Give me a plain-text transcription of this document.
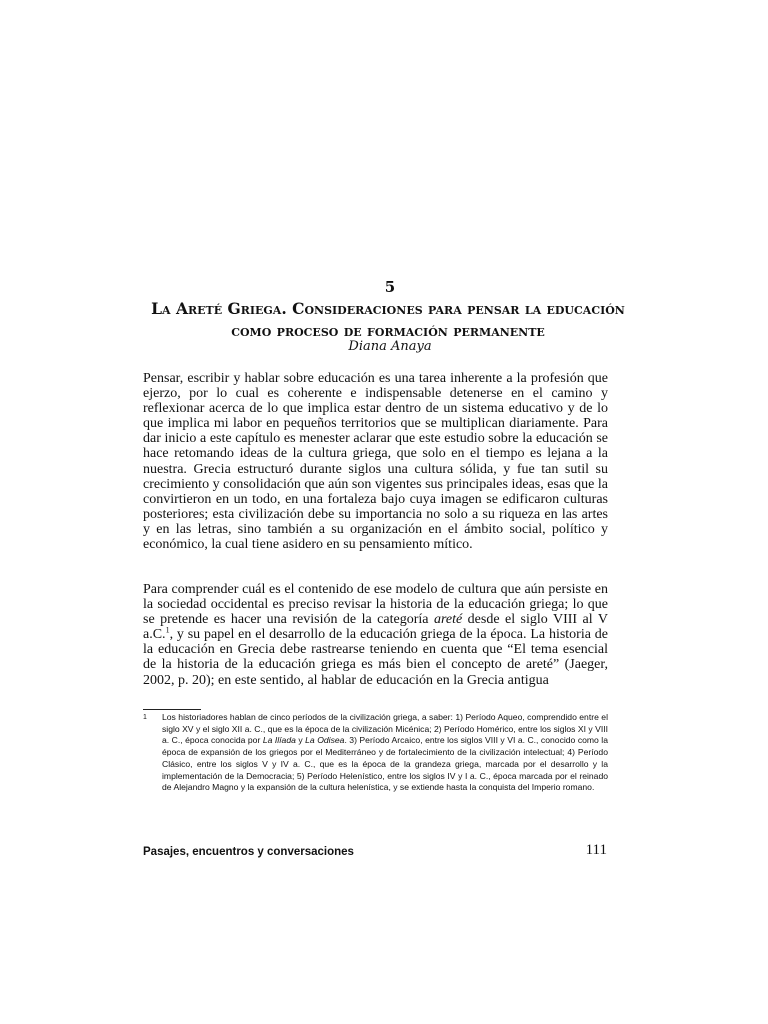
5
La Areté Griega. Consideraciones para pensar la educación como proceso de formación permanente
Diana Anaya

Pensar, escribir y hablar sobre educación es una tarea inherente a la profesión que ejerzo, por lo cual es coherente e indispensable detenerse en el camino y reflexionar acerca de lo que implica estar dentro de un sistema educativo y de lo que implica mi labor en pequeños territorios que se multiplican diariamente. Para dar inicio a este capítulo es menester aclarar que este estudio sobre la educación se hace retomando ideas de la cultura griega, que solo en el tiempo es lejana a la nuestra. Grecia estructuró durante siglos una cultura sólida, y fue tan sutil su crecimiento y consolidación que aún son vigentes sus principales ideas, esas que la convirtieron en un todo, en una fortaleza bajo cuya imagen se edificaron culturas posteriores; esta civilización debe su importancia no solo a su riqueza en las artes y en las letras, sino también a su organización en el ámbito social, político y económico, la cual tiene asidero en su pensamiento mítico.

Para comprender cuál es el contenido de ese modelo de cultura que aún persiste en la sociedad occidental es preciso revisar la historia de la educación griega; lo que se pretende es hacer una revisión de la categoría areté desde el siglo VIII al V a.C.$^1$, y su papel en el desarrollo de la educación griega de la época. La historia de la educación en Grecia debe rastrearse teniendo en cuenta que “El tema esencial de la historia de la educación griega es más bien el concepto de areté” (Jaeger, 2002, p. 20); en este sentido, al hablar de educación en la Grecia antigua

1 Los historiadores hablan de cinco períodos de la civilización griega, a saber: 1) Período Aqueo, comprendido entre el siglo XV y el siglo XII a. C., que es la época de la civilización Micénica; 2) Período Homérico, entre los siglos XI y VIII a. C., época conocida por La Ilíada y La Odisea. 3) Período Arcaico, entre los siglos VIII y VI a. C., conocido como la época de expansión de los griegos por el Mediterráneo y de fortalecimiento de la civilización intelectual; 4) Período Clásico, entre los siglos V y IV a. C., que es la época de la grandeza griega, marcada por el desarrollo y la implementación de la Democracia; 5) Período Helenístico, entre los siglos IV y I a. C., época marcada por el reinado de Alejandro Magno y la expansión de la cultura helenística, y se extiende hasta la conquista del Imperio romano.
Pasajes, encuentros y conversaciones	111
